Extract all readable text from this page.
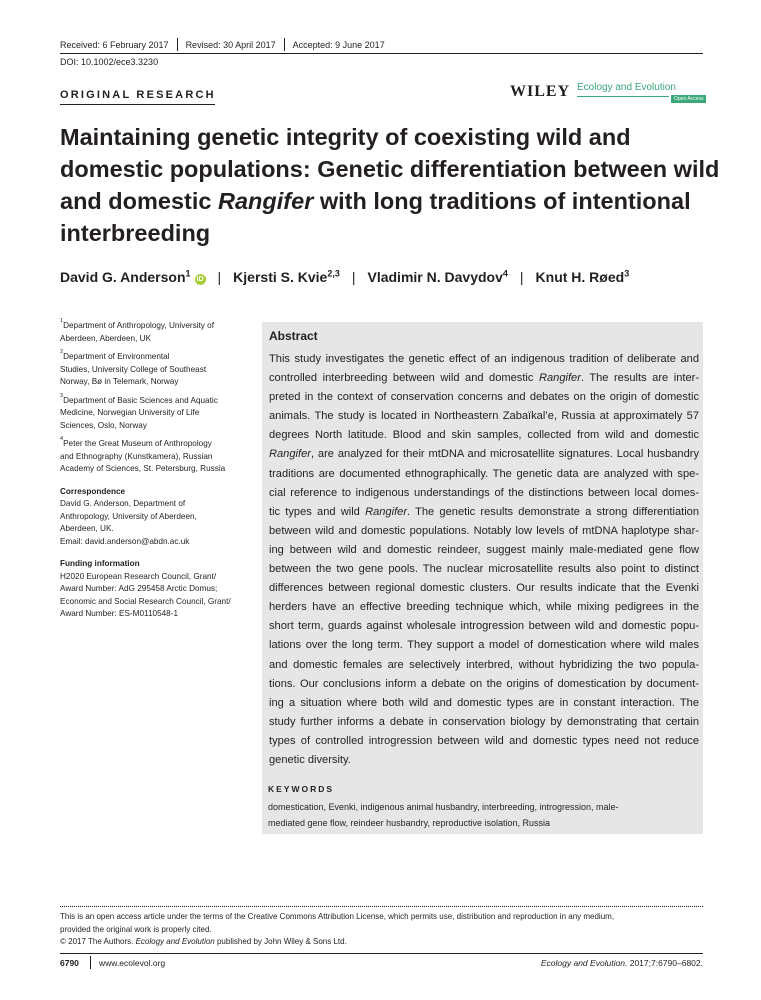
Received: 6 February 2017 Revised: 30 April 2017 Accepted: 9 June 2017
DOI: 10.1002/ece3.3230
ORIGINAL RESEARCH	WILEY Ecology and Evolution
Open Access
Maintaining genetic integrity of coexisting wild and
domestic populations: Genetic differentiation between wild
and domestic Rangifer with long traditions of intentional
interbreeding
David G. Anderson$^1$iD | Kjersti S. Kvie$^{2,3}$ | Vladimir N. Davydov$^4$ | Knut H. Røed$^3$
$^1$Department of Anthropology, University of
Aberdeen, Aberdeen, UK
$^2$Department of Environmental
Studies, University College of Southeast
Norway, Bø in Telemark, Norway
$^3$Department of Basic Sciences and Aquatic
Medicine, Norwegian University of Life
Sciences, Oslo, Norway
$^4$Peter the Great Museum of Anthropology
and Ethnography (Kunstkamera), Russian
Academy of Sciences, St. Petersburg, Russia
Correspondence
David G. Anderson, Department of
Anthropology, University of Aberdeen,
Aberdeen, UK.
Email: david.anderson@abdn.ac.uk
Funding information
H2020 European Research Council, Grant/
Award Number: AdG 295458 Arctic Domus;
Economic and Social Research Council, Grant/
Award Number: ES-M0110548-1
Abstract
This study investigates the genetic effect of an indigenous tradition of deliberate and
controlled interbreeding between wild and domestic Rangifer. The results are inter-
preted in the context of conservation concerns and debates on the origin of domestic
animals. The study is located in Northeastern Zabaïkal’e, Russia at approximately 57
degrees North latitude. Blood and skin samples, collected from wild and domestic
Rangifer, are analyzed for their mtDNA and microsatellite signatures. Local husbandry
traditions are documented ethnographically. The genetic data are analyzed with spe-
cial reference to indigenous understandings of the distinctions between local domes-
tic types and wild Rangifer. The genetic results demonstrate a strong differentiation
between wild and domestic populations. Notably low levels of mtDNA haplotype shar-
ing between wild and domestic reindeer, suggest mainly male-mediated gene flow
between the two gene pools. The nuclear microsatellite results also point to distinct
differences between regional domestic clusters. Our results indicate that the Evenki
herders have an effective breeding technique which, while mixing pedigrees in the
short term, guards against wholesale introgression between wild and domestic popu-
lations over the long term. They support a model of domestication where wild males
and domestic females are selectively interbred, without hybridizing the two popula-
tions. Our conclusions inform a debate on the origins of domestication by document-
ing a situation where both wild and domestic types are in constant interaction. The
study further informs a debate in conservation biology by demonstrating that certain
types of controlled introgression between wild and domestic types need not reduce
genetic diversity.
KEYWORDS
domestication, Evenki, indigenous animal husbandry, interbreeding, introgression, male-
mediated gene flow, reindeer husbandry, reproductive isolation, Russia
This is an open access article under the terms of the Creative Commons Attribution License, which permits use, distribution and reproduction in any medium,
provided the original work is properly cited.
© 2017 The Authors. Ecology and Evolution published by John Wiley & Sons Ltd.
6790 www.ecolevol.org	Ecology and Evolution. 2017;7:6790–6802.
